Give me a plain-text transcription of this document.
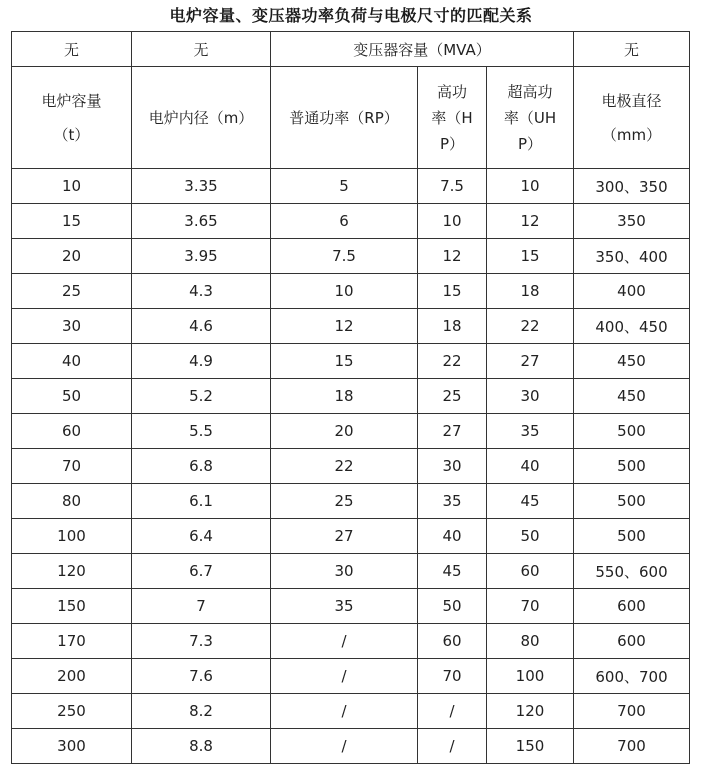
电炉容量、变压器功率负荷与电极尺寸的匹配关系
无	无	变压器容量（MVA）			无
电炉容量（t）	电炉内径（m）	普通功率（RP）	高功率（HP）	超高功率（UHP）	电极直径（mm）
10	3.35	5	7.5	10	300、350
15	3.65	6	10	12	350
20	3.95	7.5	12	15	350、400
25	4.3	10	15	18	400
30	4.6	12	18	22	400、450
40	4.9	15	22	27	450
50	5.2	18	25	30	450
60	5.5	20	27	35	500
70	6.8	22	30	40	500
80	6.1	25	35	45	500
100	6.4	27	40	50	500
120	6.7	30	45	60	550、600
150	7	35	50	70	600
170	7.3	/	60	80	600
200	7.6	/	70	100	600、700
250	8.2	/	/	120	700
300	8.8	/	/	150	700
